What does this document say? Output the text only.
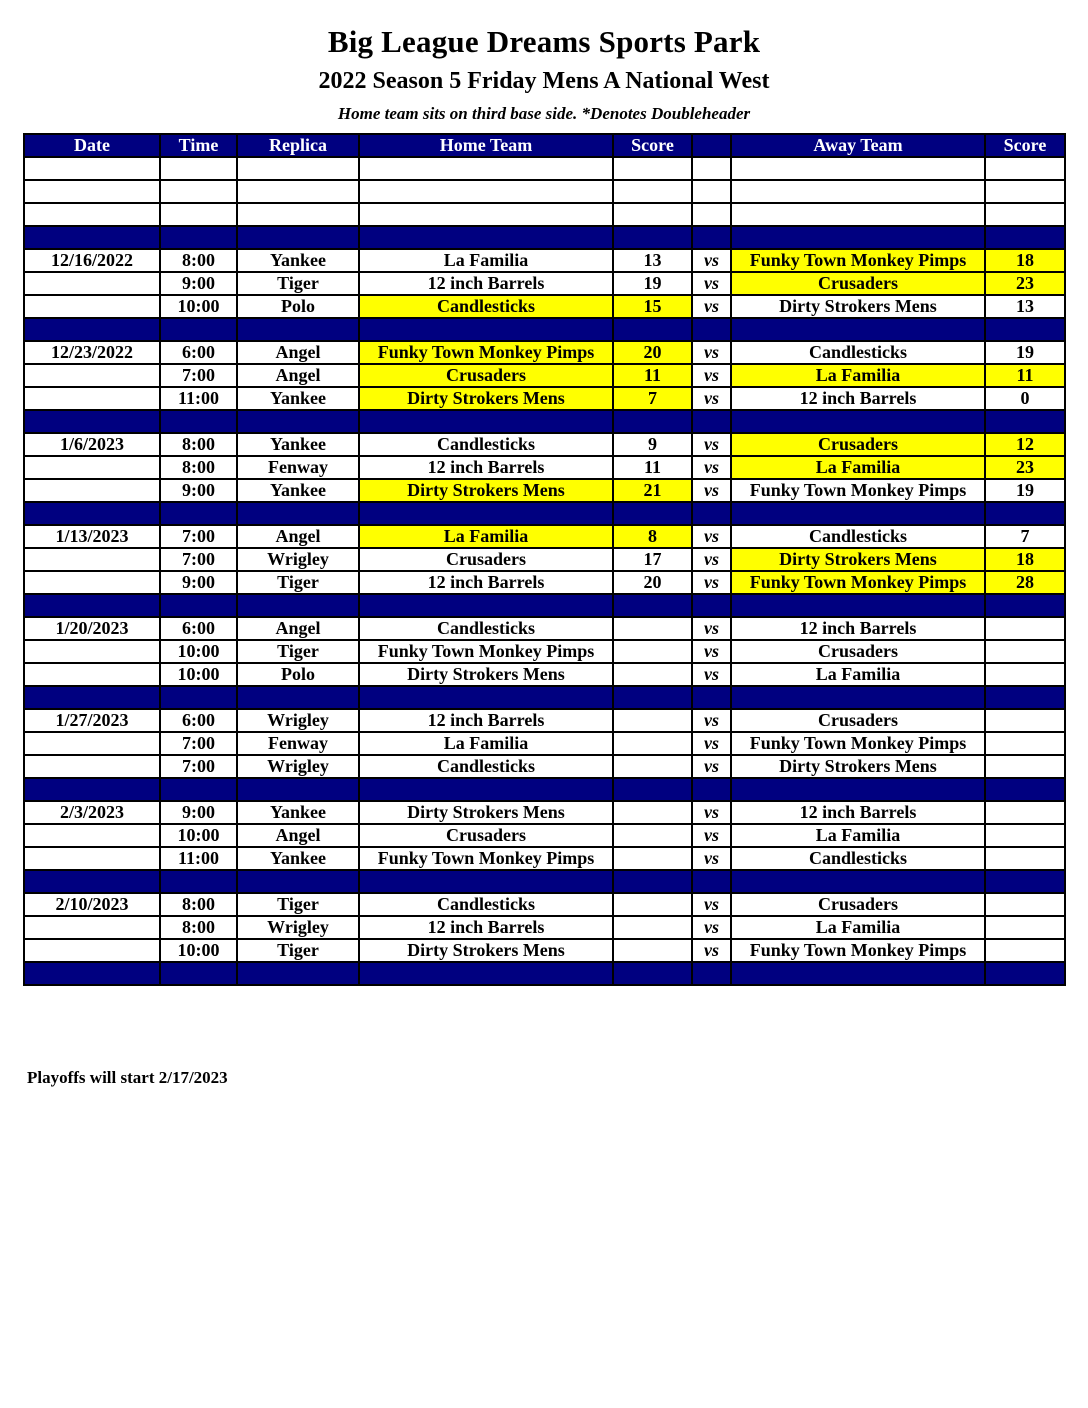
Big League Dreams Sports Park
2022 Season 5 Friday Mens A National West
Home team sits on third base side. *Denotes Doubleheader
Date	Time	Replica	Home Team	Score		Away Team	Score

12/16/2022	8:00	Yankee	La Familia	13	vs	Funky Town Monkey Pimps	18
	9:00	Tiger	12 inch Barrels	19	vs	Crusaders	23
	10:00	Polo	Candlesticks	15	vs	Dirty Strokers Mens	13

12/23/2022	6:00	Angel	Funky Town Monkey Pimps	20	vs	Candlesticks	19
	7:00	Angel	Crusaders	11	vs	La Familia	11
	11:00	Yankee	Dirty Strokers Mens	7	vs	12 inch Barrels	0

1/6/2023	8:00	Yankee	Candlesticks	9	vs	Crusaders	12
	8:00	Fenway	12 inch Barrels	11	vs	La Familia	23
	9:00	Yankee	Dirty Strokers Mens	21	vs	Funky Town Monkey Pimps	19

1/13/2023	7:00	Angel	La Familia	8	vs	Candlesticks	7
	7:00	Wrigley	Crusaders	17	vs	Dirty Strokers Mens	18
	9:00	Tiger	12 inch Barrels	20	vs	Funky Town Monkey Pimps	28

1/20/2023	6:00	Angel	Candlesticks		vs	12 inch Barrels	
	10:00	Tiger	Funky Town Monkey Pimps		vs	Crusaders	
	10:00	Polo	Dirty Strokers Mens		vs	La Familia	

1/27/2023	6:00	Wrigley	12 inch Barrels		vs	Crusaders	
	7:00	Fenway	La Familia		vs	Funky Town Monkey Pimps	
	7:00	Wrigley	Candlesticks		vs	Dirty Strokers Mens	

2/3/2023	9:00	Yankee	Dirty Strokers Mens		vs	12 inch Barrels	
	10:00	Angel	Crusaders		vs	La Familia	
	11:00	Yankee	Funky Town Monkey Pimps		vs	Candlesticks	

2/10/2023	8:00	Tiger	Candlesticks		vs	Crusaders	
	8:00	Wrigley	12 inch Barrels		vs	La Familia	
	10:00	Tiger	Dirty Strokers Mens		vs	Funky Town Monkey Pimps	

Playoffs will start 2/17/2023
